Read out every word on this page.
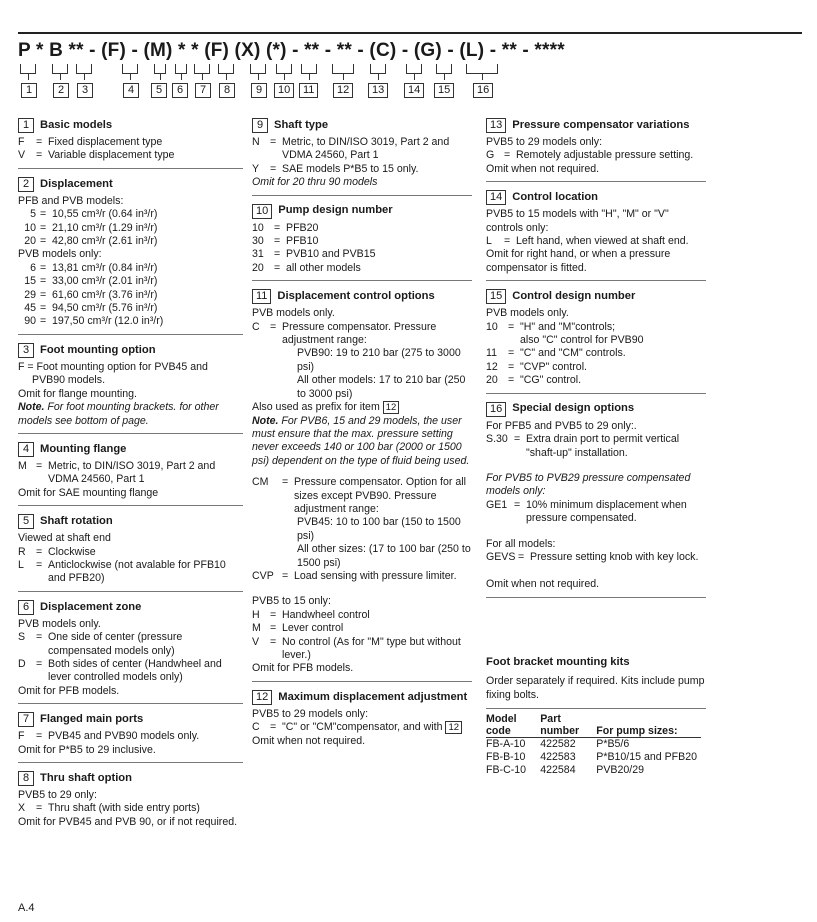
P * B ** - (F) - (M) * * (F) (X) (*) - ** - ** - (C) - (G) - (L) - ** - ****
1	2	3	4	5	6	7	8	9	10	11	12	13	14	15	16
1 Basic models
F	= Fixed displacement type
V	= Variable displacement type
2 Displacement
PFB and PVB models:
5 = 10,55 cm³/r (0.64 in³/r)
10 = 21,10 cm³/r (1.29 in³/r)
20 = 42,80 cm³/r (2.61 in³/r)
PVB models only:
6 = 13,81 cm³/r (0.84 in³/r)
15 = 33,00 cm³/r (2.01 in³/r)
29 = 61,60 cm³/r (3.76 in³/r)
45 = 94,50 cm³/r (5.76 in³/r)
90 = 197,50 cm³/r (12.0 in³/r)
3 Foot mounting option
F = Foot mounting option for PVB45 and
PVB90 models.
Omit for flange mounting.
Note. For foot mounting brackets. for other models see bottom of page.
4 Mounting flange
M = Metric, to DIN/ISO 3019, Part 2 and VDMA 24560, Part 1
Omit for SAE mounting flange
5 Shaft rotation
Viewed at shaft end
R = Clockwise
L	= Anticlockwise (not avalable for PFB10 and PFB20)
6 Displacement zone
PVB models only.
S	= One side of center (pressure compensated models only)
D = Both sides of center (Handwheel and lever controlled models only)
Omit for PFB models.
7 Flanged main ports
F	= PVB45 and PVB90 models only.
Omit for P*B5 to 29 inclusive.
8 Thru shaft option
PVB5 to 29 only:
X	= Thru shaft (with side entry ports)
Omit for PVB45 and PVB 90, or if not required.
9 Shaft type
N = Metric, to DIN/ISO 3019, Part 2 and VDMA 24560, Part 1
Y	= SAE models P*B5 to 15 only.
Omit for 20 thru 90 models
10 Pump design number
10 = PFB20
30 = PFB10
31 = PVB10 and PVB15
20 = all other models
11 Displacement control options
PVB models only.
C = Pressure compensator. Pressure adjustment range:
PVB90: 19 to 210 bar (275 to 3000 psi)
All other models: 17 to 210 bar (250 to 3000 psi)
Also used as prefix for item 12
Note. For PVB6, 15 and 29 models, the user must ensure that the max. pressure setting never exceeds 140 or 100 bar (2000 or 1500 psi) dependent on the type of fluid being used.
CM	= Pressure compensator. Option for all sizes except PVB90. Pressure adjustment range:
PVB45: 10 to 100 bar (150 to 1500 psi)
All other sizes: (17 to 100 bar (250 to 1500 psi)
CVP = Load sensing with pressure limiter.
PVB5 to 15 only:
H = Handwheel control
M = Lever control
V	= No control (As for "M" type but without lever.)
Omit for PFB models.
12 Maximum displacement adjustment
PVB5 to 29 models only:
C = "C" or "CM"compensator, and with 12
Omit when not required.
13 Pressure compensator variations
PVB5 to 29 models only:
G = Remotely adjustable pressure setting.
Omit when not required.
14 Control location
PVB5 to 15 models with "H", "M" or "V" controls only:
L	= Left hand, when viewed at shaft end.
Omit for right hand, or when a pressure compensator is fitted.
15 Control design number
PVB models only.
10 = "H" and "M"controls;
also "C" control for PVB90
11	= "C" and "CM" controls.
12 = "CVP" control.
20 = "CG" control.
16 Special design options
For PFB5 and PVB5 to 29 only:.
S.30 = Extra drain port to permit vertical "shaft-up" installation.
For PVB5 to PVB29 pressure compensated models only:
GE1 = 10% minimum displacement when pressure compensated.
For all models:
GEVS = Pressure setting knob with key lock.
Omit when not required.
Foot bracket mounting kits
Order separately if required. Kits include pump fixing bolts.
Model code	Part number	For pump sizes:
FB-A-10	422582	P*B5/6
FB-B-10	422583	P*B10/15 and PFB20
FB-C-10	422584	PVB20/29
A.4
